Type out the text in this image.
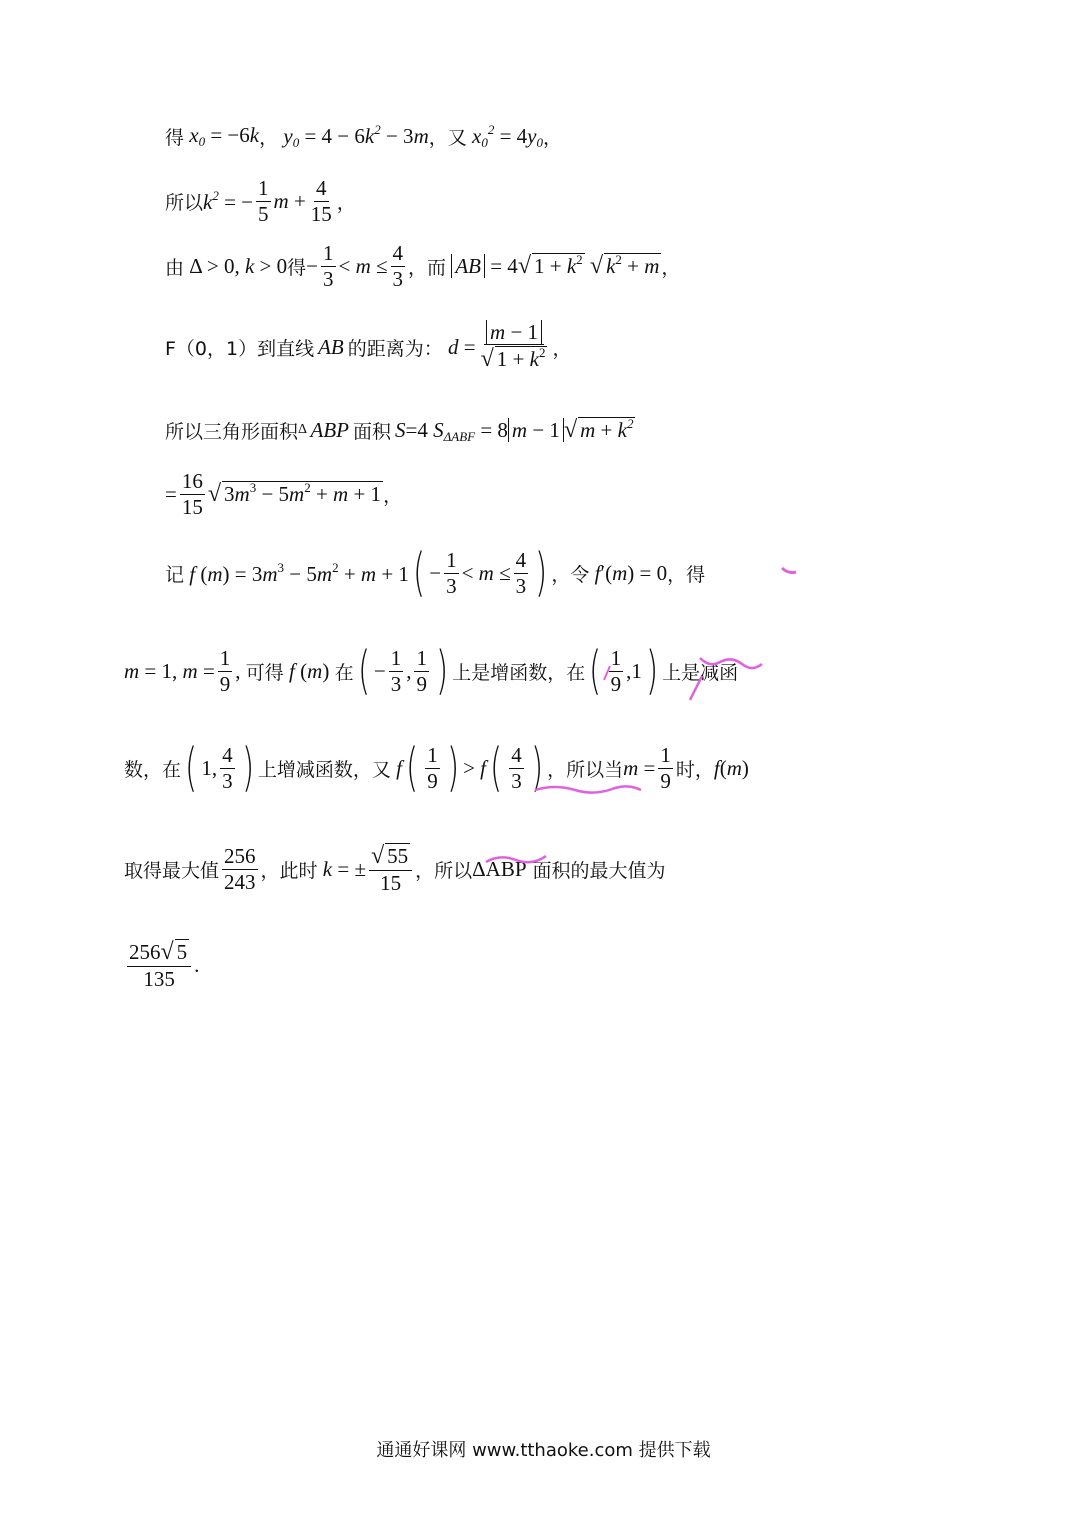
得 $x_0 = -6k$ ， $y_0 = 4 - 6k^2 - 3m$ ，又 $x_0^2 = 4y_0$ ，
所以 $k^2$ = − $\frac{1}{5}$ $m + \frac{4}{15}$ ，
由 Δ > 0, k > 0 得 − $\frac{1}{3} < m \le \frac{4}{3}$ ，而 AB = 4√ $1 + k^2$ √ $k^2 + m$ ，
F（0，1）到直线 AB 的距离为： $d = \frac{m - 1}{√ 1 + k^2}$ ，
所以三角形面积 Δ ABP 面积 S =4 $S_{\Delta ABF} = 8$ m − 1 √ $m + k^2$
= $\frac{16}{15}$ √ $3m^3 - 5m^2 + m + 1$ ，
记 f $(m) = 3m^3 - 5m^2 + m + 1$ ( − $\frac{1}{3} < m \le \frac{4}{3}$ ) ，令 f′(m) = 0 ，得
m = 1, $m = \frac{1}{9}$ , 可得 f (m) 在 ( − $\frac{1}{3}$ , $\frac{1}{9}$ ) 上是增函数，在 ( $\frac{1}{9} ,1$ ) 上是减函
数，在 ( 1, $\frac{4}{3}$ ) 上增减函数，又 f ( $\frac{1}{9}$ ) > f ( $\frac{4}{3}$ ) ，所以当 $m = \frac{1}{9}$ 时， f(m)
取得最大值 $\frac{256}{243}$ ，此时 k = ± $\frac{√ 55}{15}$ ，所以 ΔABP 面积的最大值为
$\frac{256√ 5}{135}$ .
通通好课网 www.tthaoke.com 提供下载
